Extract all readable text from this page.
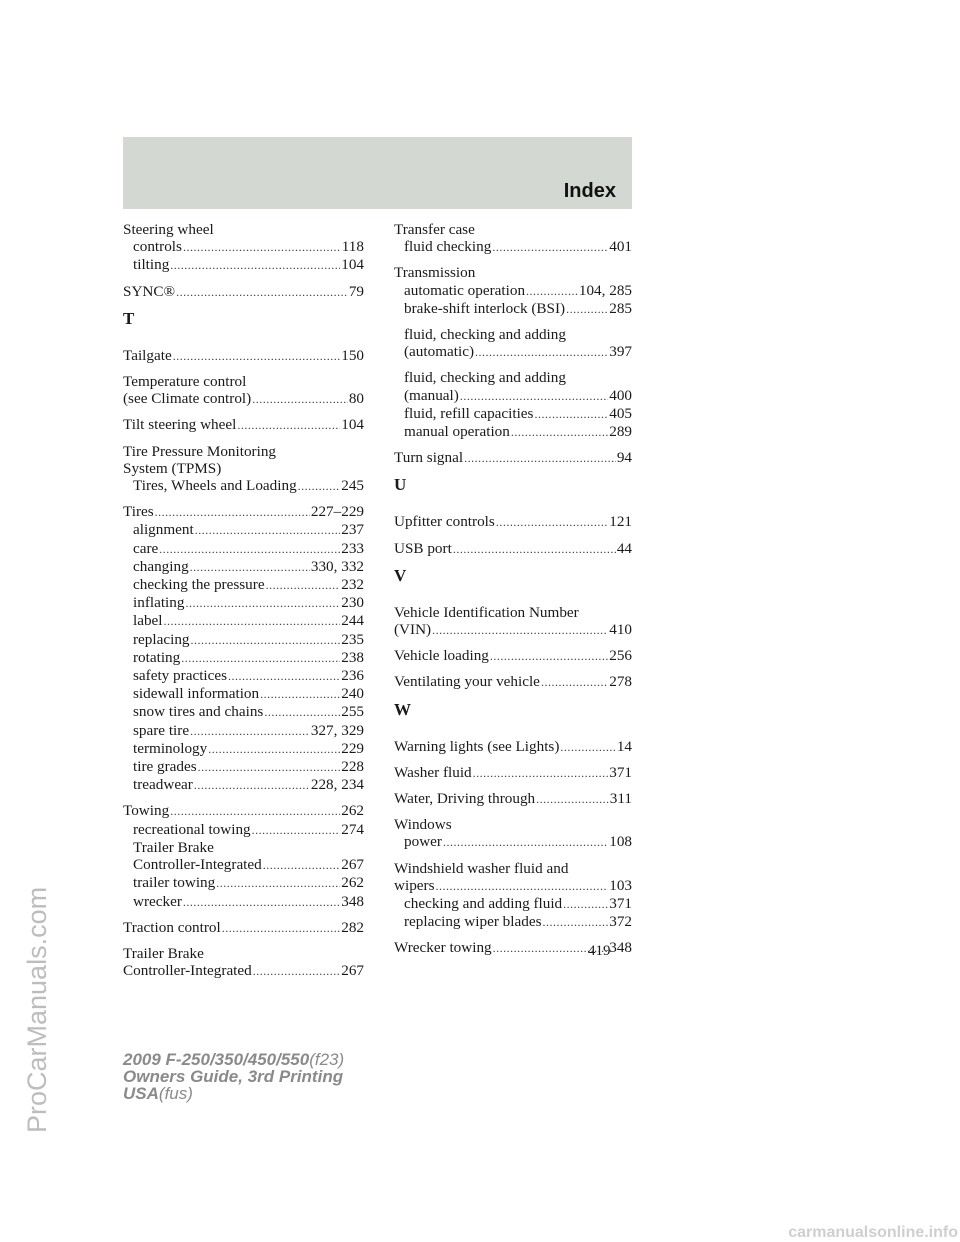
Index
Steering wheel
controls .....	118
tilting .....	104
SYNC® .....	79
T
Tailgate .....	150
Temperature control
(see Climate control) .....	80
Tilt steering wheel .....	104
Tire Pressure Monitoring
System (TPMS)
Tires, Wheels and Loading .....	245
Tires .....	227–229
alignment .....	237
care .....	233
changing .....	330, 332
checking the pressure .....	232
inflating .....	230
label .....	244
replacing .....	235
rotating .....	238
safety practices .....	236
sidewall information .....	240
snow tires and chains .....	255
spare tire .....	327, 329
terminology .....	229
tire grades .....	228
treadwear .....	228, 234
Towing .....	262
recreational towing .....	274
Trailer Brake
Controller-Integrated .....	267
trailer towing .....	262
wrecker .....	348
Traction control .....	282
Trailer Brake
Controller-Integrated .....	267
Transfer case
fluid checking .....	401
Transmission
automatic operation .....	104, 285
brake-shift interlock (BSI) .....	285
fluid, checking and adding
(automatic) .....	397
fluid, checking and adding
(manual) .....	400
fluid, refill capacities .....	405
manual operation .....	289
Turn signal .....	94
U
Upfitter controls .....	121
USB port .....	44
V
Vehicle Identification Number
(VIN) .....	410
Vehicle loading .....	256
Ventilating your vehicle .....	278
W
Warning lights (see Lights) .....	14
Washer fluid .....	371
Water, Driving through .....	311
Windows
power .....	108
Windshield washer fluid and
wipers .....	103
checking and adding fluid .....	371
replacing wiper blades .....	372
Wrecker towing .....	348
419
2009 F-250/350/450/550(f23)
Owners Guide, 3rd Printing
USA(fus)
ProCarManuals.com
carmanualsonline.info
